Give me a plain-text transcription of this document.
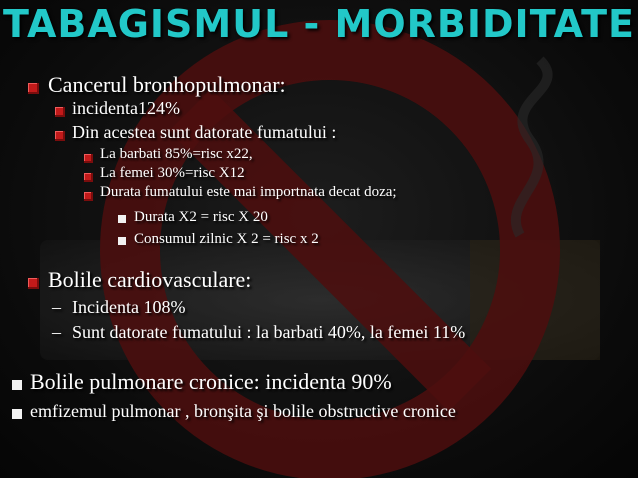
TABAGISMUL - MORBIDITATE
Cancerul bronhopulmonar:
incidenta124%
Din acestea sunt datorate fumatului :
La barbati 85%=risc x22,
La femei 30%=risc X12
Durata fumatului este mai importnata decat doza;
Durata X2 = risc X 20
Consumul zilnic X 2 = risc x 2
Bolile cardiovasculare:
– Incidenta 108%
– Sunt datorate fumatului : la barbati 40%, la femei 11%
Bolile pulmonare cronice: incidenta 90%
emfizemul pulmonar , bronşita şi bolile obstructive cronice
